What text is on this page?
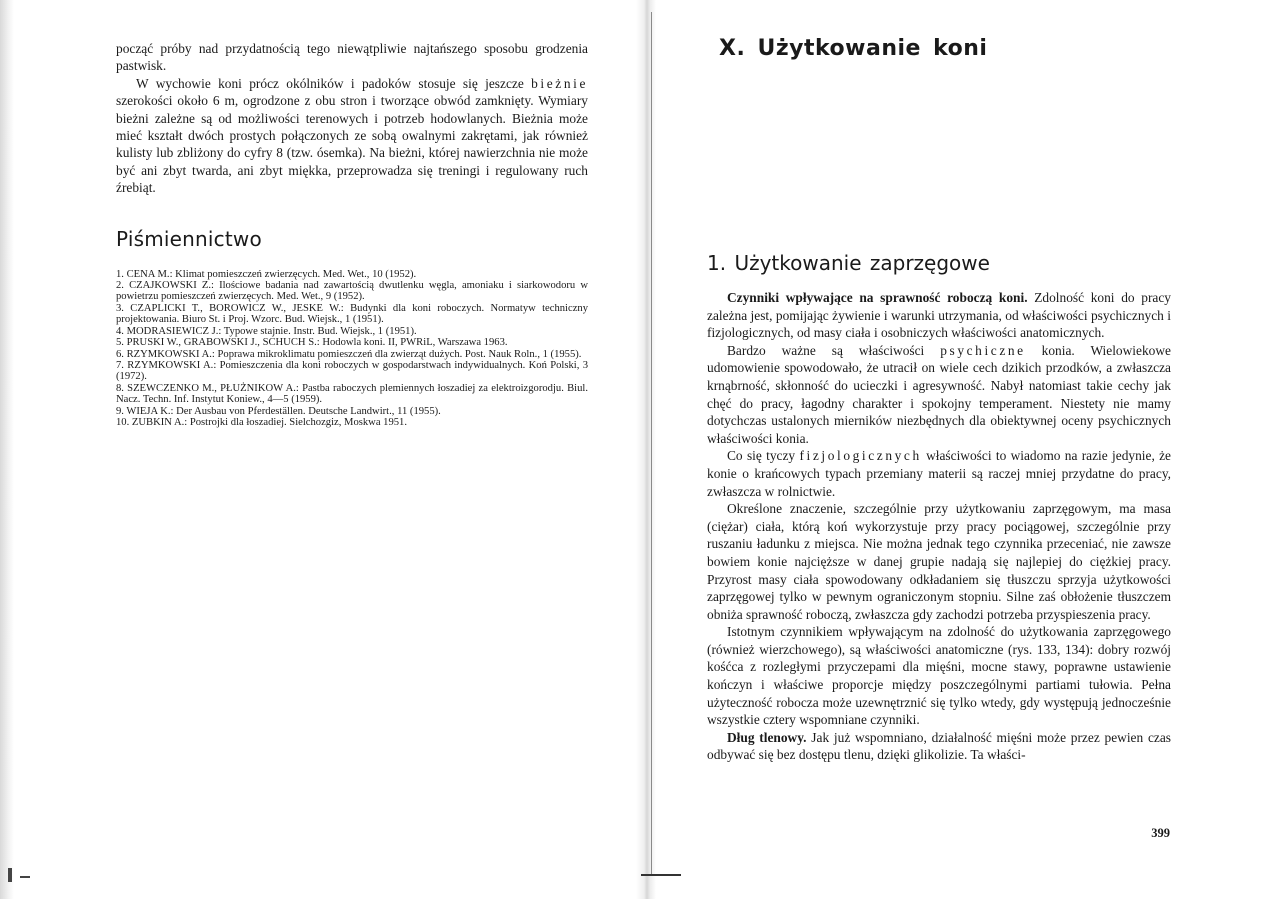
począć próby nad przydatnością tego niewątpliwie najtańszego sposobu grodzenia pastwisk.

W wychowie koni prócz okólników i padoków stosuje się jeszcze bieżnie szerokości około 6 m, ogrodzone z obu stron i tworzące obwód zamknięty. Wymiary bieżni zależne są od możliwości terenowych i potrzeb hodowlanych. Bieżnia może mieć kształt dwóch prostych połączonych ze sobą owalnymi zakrętami, jak również kulisty lub zbliżony do cyfry 8 (tzw. ósemka). Na bieżni, której nawierzchnia nie może być ani zbyt twarda, ani zbyt miękka, przeprowadza się treningi i regulowany ruch źrebiąt.

Piśmiennictwo
1. CENA M.: Klimat pomieszczeń zwierzęcych. Med. Wet., 10 (1952).
2. CZAJKOWSKI Z.: Ilościowe badania nad zawartością dwutlenku węgla, amoniaku i siarkowodoru w powietrzu pomieszczeń zwierzęcych. Med. Wet., 9 (1952).
3. CZAPLICKI T., BOROWICZ W., JESKE W.: Budynki dla koni roboczych. Normatyw techniczny projektowania. Biuro St. i Proj. Wzorc. Bud. Wiejsk., 1 (1951).
4. MODRASIEWICZ J.: Typowe stajnie. Instr. Bud. Wiejsk., 1 (1951).
5. PRUSKI W., GRABOWSKI J., SCHUCH S.: Hodowla koni. II, PWRiL, Warszawa 1963.
6. RZYMKOWSKI A.: Poprawa mikroklimatu pomieszczeń dla zwierząt dużych. Post. Nauk Roln., 1 (1955).
7. RZYMKOWSKI A.: Pomieszczenia dla koni roboczych w gospodarstwach indywidualnych. Koń Polski, 3 (1972).
8. SZEWCZENKO M., PŁUŻNIKOW A.: Pastba raboczych plemiennych łoszadiej za elektroizgorodju. Biul. Nacz. Techn. Inf. Instytut Koniew., 4—5 (1959).
9. WIEJA K.: Der Ausbau von Pferdeställen. Deutsche Landwirt., 11 (1955).
10. ZUBKIN A.: Postrojki dla łoszadiej. Sielchozgiz, Moskwa 1951.
X. Użytkowanie koni
1. Użytkowanie zaprzęgowe

Czynniki wpływające na sprawność roboczą koni. Zdolność koni do pracy zależna jest, pomijając żywienie i warunki utrzymania, od właściwości psychicznych i fizjologicznych, od masy ciała i osobniczych właściwości anatomicznych.

Bardzo ważne są właściwości psychiczne konia. Wielowiekowe udomowienie spowodowało, że utracił on wiele cech dzikich przodków, a zwłaszcza krnąbrność, skłonność do ucieczki i agresywność. Nabył natomiast takie cechy jak chęć do pracy, łagodny charakter i spokojny temperament. Niestety nie mamy dotychczas ustalonych mierników niezbędnych dla obiektywnej oceny psychicznych właściwości konia.

Co się tyczy fizjologicznych właściwości to wiadomo na razie jedynie, że konie o krańcowych typach przemiany materii są raczej mniej przydatne do pracy, zwłaszcza w rolnictwie.

Określone znaczenie, szczególnie przy użytkowaniu zaprzęgowym, ma masa (ciężar) ciała, którą koń wykorzystuje przy pracy pociągowej, szczególnie przy ruszaniu ładunku z miejsca. Nie można jednak tego czynnika przeceniać, nie zawsze bowiem konie najcięższe w danej grupie nadają się najlepiej do ciężkiej pracy. Przyrost masy ciała spowodowany odkładaniem się tłuszczu sprzyja użytkowości zaprzęgowej tylko w pewnym ograniczonym stopniu. Silne zaś obłożenie tłuszczem obniża sprawność roboczą, zwłaszcza gdy zachodzi potrzeba przyspieszenia pracy.

Istotnym czynnikiem wpływającym na zdolność do użytkowania zaprzęgowego (również wierzchowego), są właściwości anatomiczne (rys. 133, 134): dobry rozwój kośćca z rozległymi przyczepami dla mięśni, mocne stawy, poprawne ustawienie kończyn i właściwe proporcje między poszczególnymi partiami tułowia. Pełna użyteczność robocza może uzewnętrznić się tylko wtedy, gdy występują jednocześnie wszystkie cztery wspomniane czynniki.

Dług tlenowy. Jak już wspomniano, działalność mięśni może przez pewien czas odbywać się bez dostępu tlenu, dzięki glikolizie. Ta właści-

399
